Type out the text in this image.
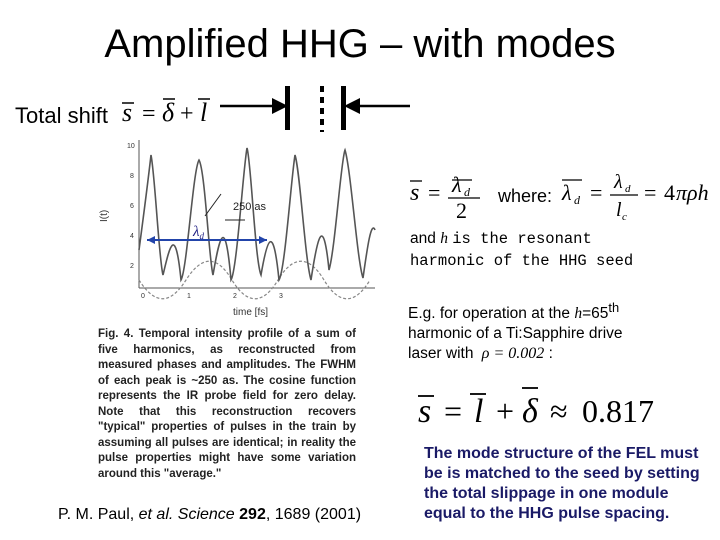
Amplified HHG – with modes
Total shift s = δ + l
I(t)
10
8
6
4
2
0	1	2	3
time [fs]
250 as
$\lambda_d$
Fig. 4. Temporal intensity profile of a sum of five harmonics, as reconstructed from measured phases and amplitudes. The FWHM of each peak is ~250 as. The cosine function represents the IR probe field for zero delay. Note that this reconstruction recovers "typical" properties of pulses in the train by assuming all pulses are identical; in reality the pulse properties might have some variation around this "average."
P. M. Paul, et al. Science 292, 1689 (2001)
s = λ d
2
where: λ d = λ d
l c
= 4 πρh
and h is the resonant
harmonic of the HHG seed
E.g. for operation at the h=65th
harmonic of a Ti:Sapphire drive
laser with ρ = 0.002 :
s = l + δ ≈ 0.817
The mode structure of the FEL must be is matched to the seed by setting the total slippage in one module equal to the HHG pulse spacing.
